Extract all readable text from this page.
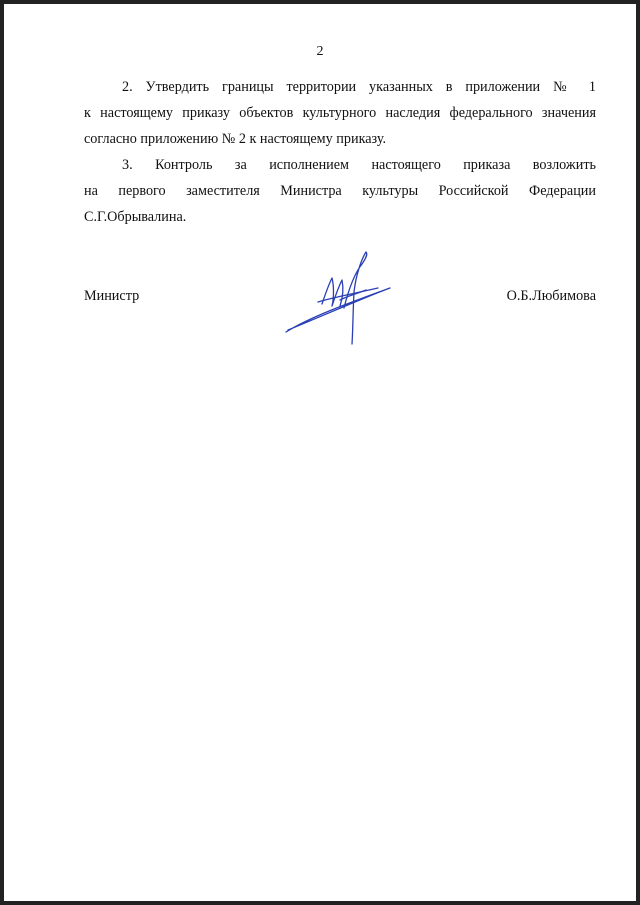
2

2. Утвердить границы территории указанных в приложении № 1
к настоящему приказу объектов культурного наследия федерального значения
согласно приложению № 2 к настоящему приказу.

3. Контроль за исполнением настоящего приказа возложить
на первого заместителя Министра культуры Российской Федерации
С.Г.Обрывалина.

Министр	О.Б.Любимова
